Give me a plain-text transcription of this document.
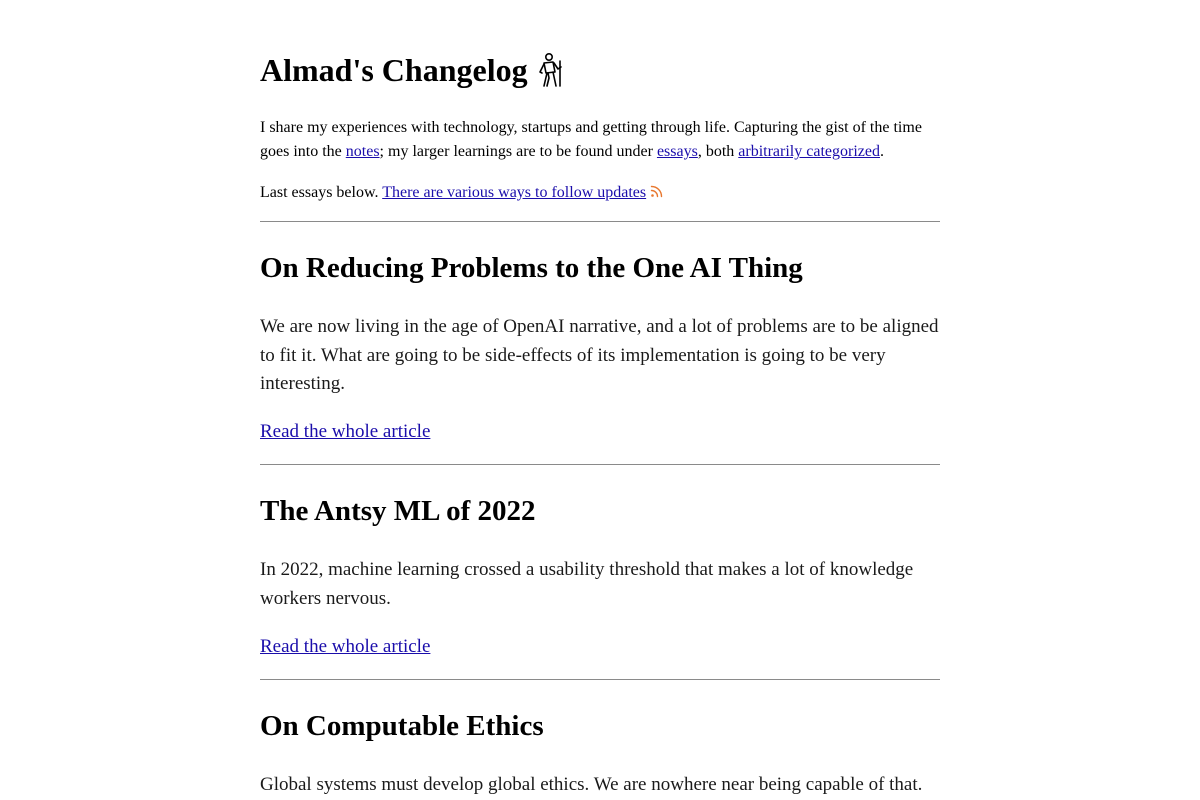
Almad's Changelog

I share my experiences with technology, startups and getting through life. Capturing the gist of the time goes into the notes; my larger learnings are to be found under essays, both arbitrarily categorized.

Last essays below. There are various ways to follow updates

On Reducing Problems to the One AI Thing

We are now living in the age of OpenAI narrative, and a lot of problems are to be aligned to fit it. What are going to be side-effects of its implementation is going to be very interesting.

Read the whole article
The Antsy ML of 2022

In 2022, machine learning crossed a usability threshold that makes a lot of knowledge workers nervous.

Read the whole article
On Computable Ethics

Global systems must develop global ethics. We are nowhere near being capable of that.
